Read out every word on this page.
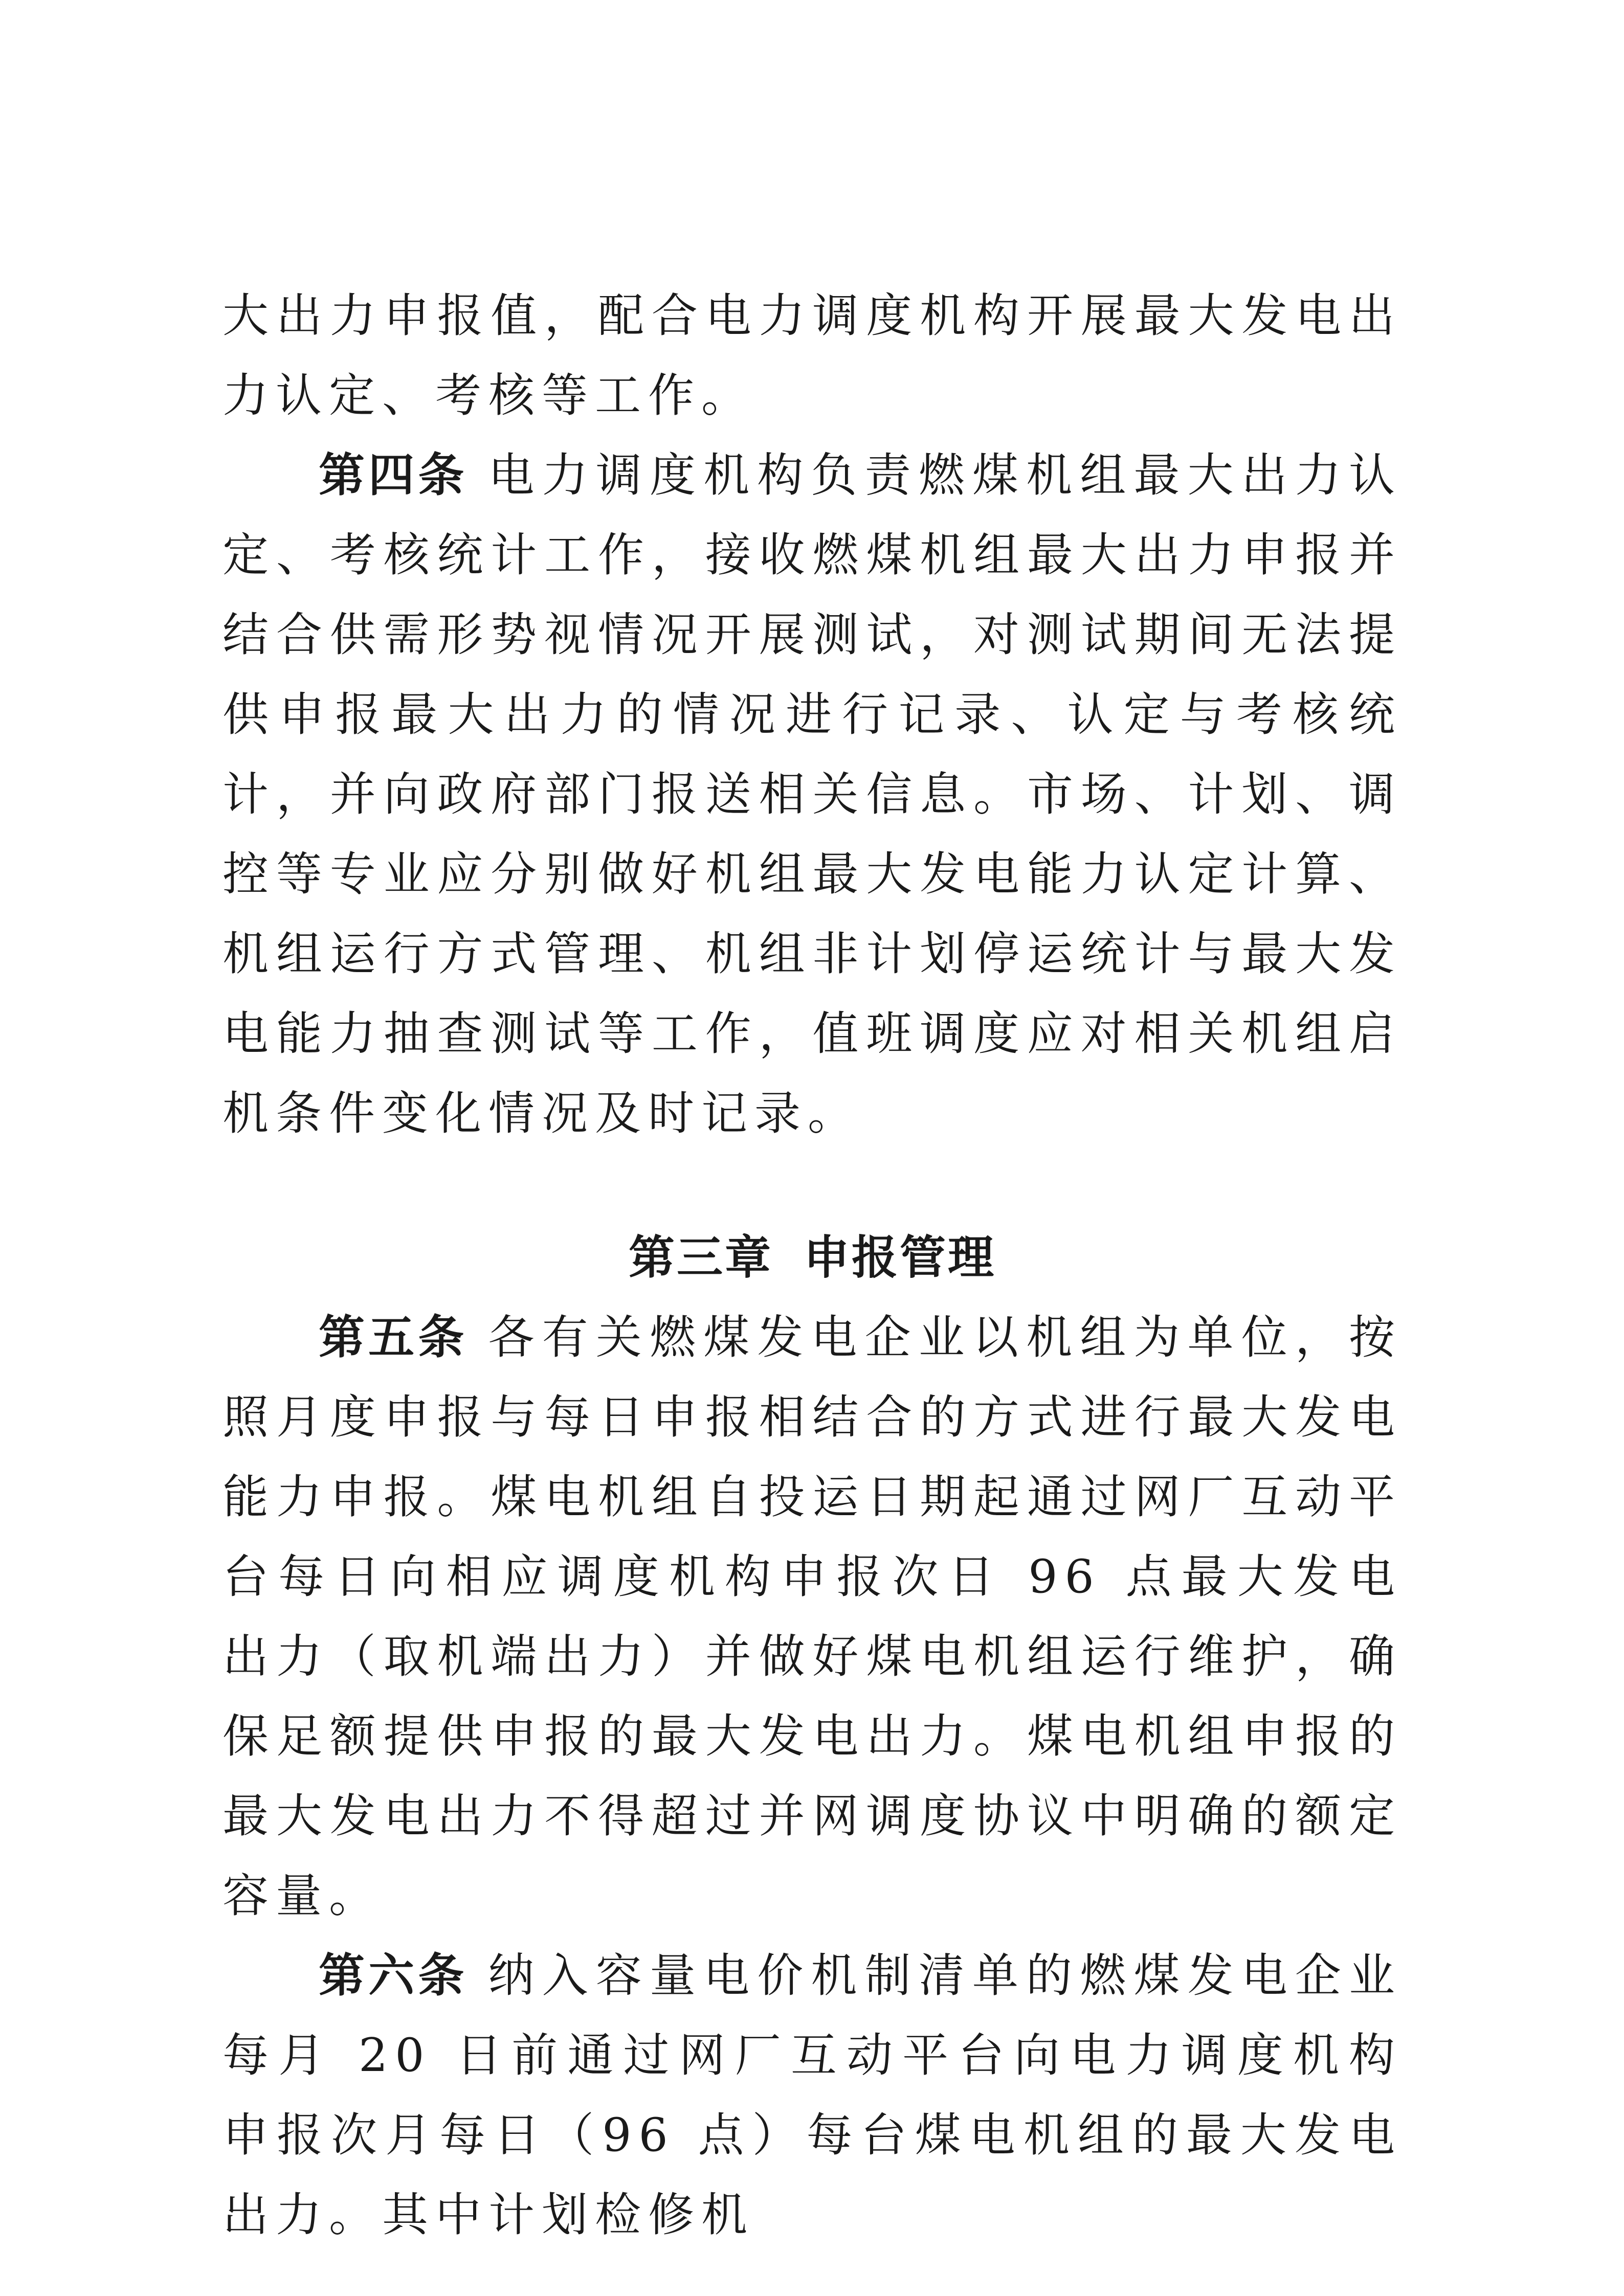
大出力申报值，配合电力调度机构开展最大发电出力认定、考核等工作。

第四条 电力调度机构负责燃煤机组最大出力认定、考核统计工作，接收燃煤机组最大出力申报并结合供需形势视情况开展测试，对测试期间无法提供申报最大出力的情况进行记录、认定与考核统计，并向政府部门报送相关信息。市场、计划、调控等专业应分别做好机组最大发电能力认定计算、机组运行方式管理、机组非计划停运统计与最大发电能力抽查测试等工作，值班调度应对相关机组启机条件变化情况及时记录。

第三章 申报管理

第五条 各有关燃煤发电企业以机组为单位，按照月度申报与每日申报相结合的方式进行最大发电能力申报。煤电机组自投运日期起通过网厂互动平台每日向相应调度机构申报次日 96 点最大发电出力（取机端出力）并做好煤电机组运行维护，确保足额提供申报的最大发电出力。煤电机组申报的最大发电出力不得超过并网调度协议中明确的额定容量。

第六条 纳入容量电价机制清单的燃煤发电企业每月 20 日前通过网厂互动平台向电力调度机构申报次月每日（96 点）每台煤电机组的最大发电出力。其中计划检修机
